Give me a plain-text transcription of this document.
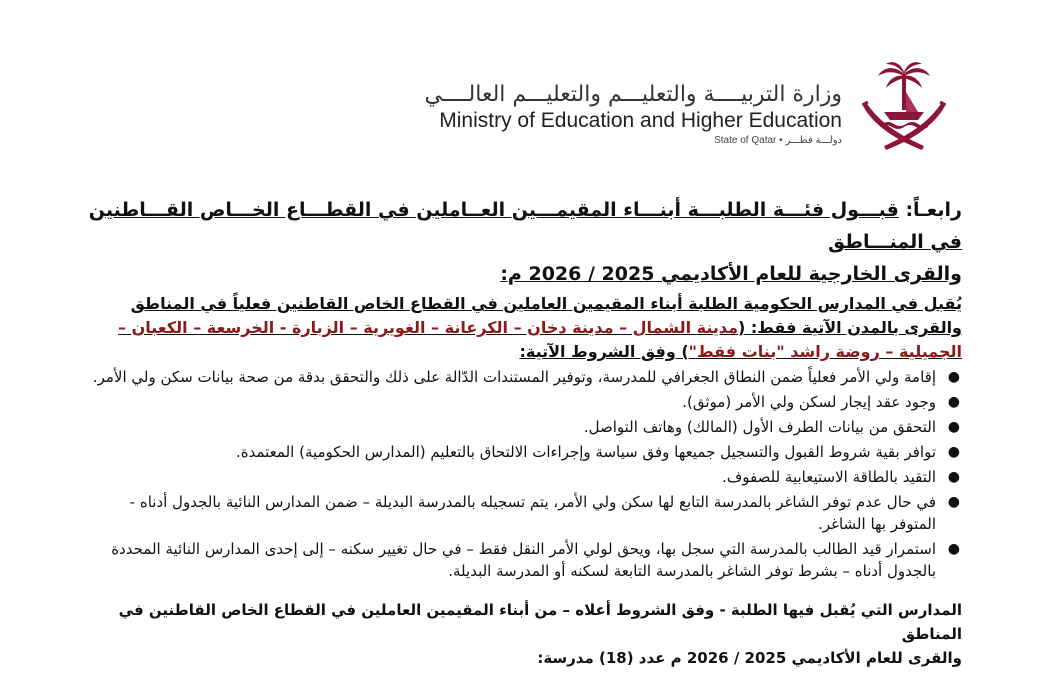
وزارة التربيــــة والتعليـــم والتعليـــم العالــــي
Ministry of Education and Higher Education
State of Qatar • دولـــة قطـــر
رابعـاً: قبـــول فئـــة الطلبـــة أبنـــاء المقيمـــين العــاملين في القطـــاع الخـــاص القـــاطنين في المنـــاطق
والقرى الخارجية للعام الأكاديمي 2025 / 2026 م:
يُقبل في المدارس الحكومية الطلبة أبناء المقيمين العاملين في القطاع الخاص القاطنين فعلياً في المناطق والقرى بالمدن الآتية فقط: (مدينة الشمال – مدينة دخان – الكرعانة – الغويرية – الزبارة - الخرسعة – الكعبان – الجميلية – روضة راشد "بنات فقط") وفق الشروط الآتية:
●
إقامة ولي الأمر فعلياً ضمن النطاق الجغرافي للمدرسة، وتوفير المستندات الدّالة على ذلك والتحقق بدقة من صحة بيانات سكن ولي الأمر.
●
وجود عقد إيجار لسكن ولي الأمر (موثق).
●
التحقق من بيانات الطرف الأول (المالك) وهاتف التواصل.
●
توافر بقية شروط القبول والتسجيل جميعها وفق سياسة وإجراءات الالتحاق بالتعليم (المدارس الحكومية) المعتمدة.
●
التقيد بالطاقة الاستيعابية للصفوف.
●
في حال عدم توفر الشاغر بالمدرسة التابع لها سكن ولي الأمر، يتم تسجيله بالمدرسة البديلة – ضمن المدارس النائية بالجدول أدناه - المتوفر بها الشاغر.
●
استمرار قيد الطالب بالمدرسة التي سجل بها، ويحق لولي الأمر النقل فقط – في حال تغيير سكنه – إلى إحدى المدارس النائية المحددة بالجدول أدناه – بشرط توفر الشاغر بالمدرسة التابعة لسكنه أو المدرسة البديلة.
المدارس التي يُقبل فيها الطلبة - وفق الشروط أعلاه – من أبناء المقيمين العاملين في القطاع الخاص القاطنين في المناطق
والقرى للعام الأكاديمي 2025 / 2026 م عدد (18) مدرسة:
